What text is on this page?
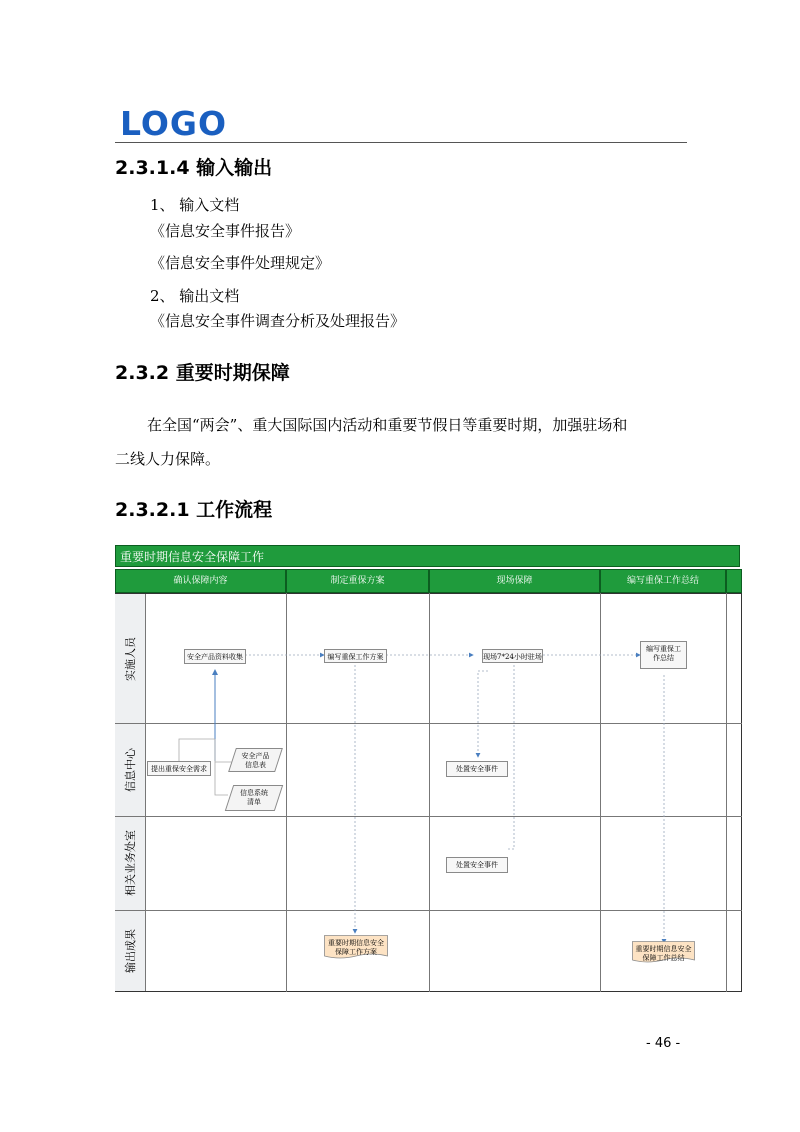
LOGO
2.3.1.4 输入输出
1、 输入文档
《信息安全事件报告》
《信息安全事件处理规定》
2、 输出文档
《信息安全事件调查分析及处理报告》
2.3.2 重要时期保障
在全国“两会”、重大国际国内活动和重要节假日等重要时期，加强驻场和
二线人力保障。
2.3.2.1 工作流程
重要时期信息安全保障工作
确认保障内容	制定重保方案	现场保障	编写重保工作总结
实施人员
信息中心
相关业务处室
输出成果
安全产品资料收集	编写重保工作方案	现场7*24小时驻场
编写重保工
作总结
提出重保安全需求
安全产品
信息表
信息系统
清单
处置安全事件
处置安全事件
重要时期信息安全
保障工作方案	重要时期信息安全
保障工作总结
- 46 -
